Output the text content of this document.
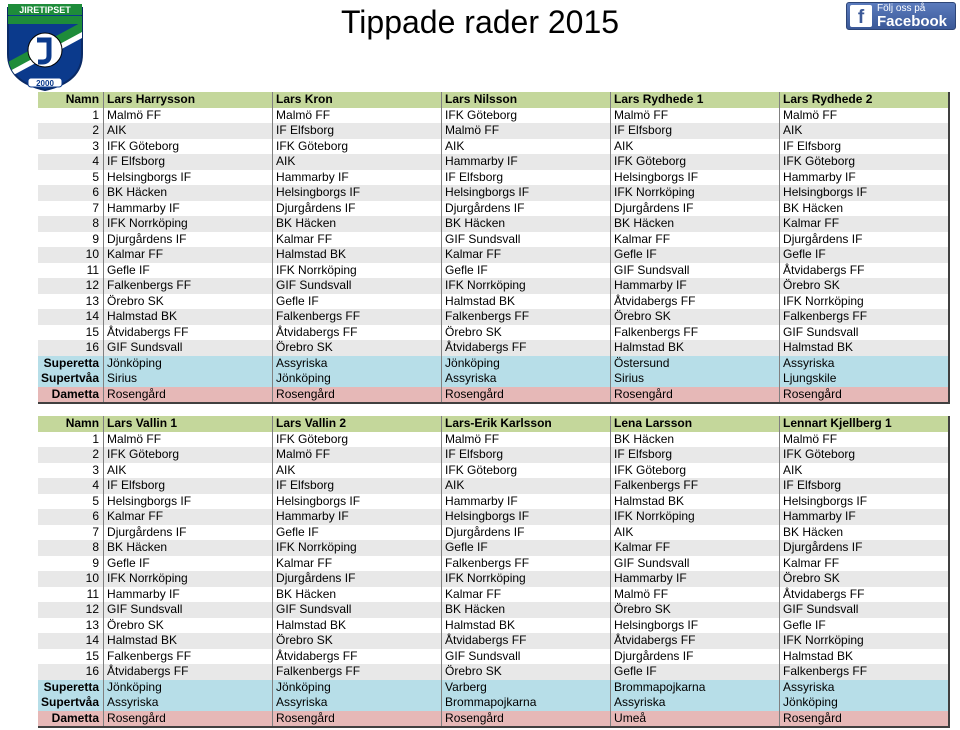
JIRETIPSET
2000
Tippade rader 2015	f	Följ oss på
Facebook
Namn	Lars Harrysson	Lars Kron	Lars Nilsson	Lars Rydhede 1	Lars Rydhede 2
1	Malmö FF	Malmö FF	IFK Göteborg	Malmö FF	Malmö FF
2	AIK	IF Elfsborg	Malmö FF	IF Elfsborg	AIK
3	IFK Göteborg	IFK Göteborg	AIK	AIK	IF Elfsborg
4	IF Elfsborg	AIK	Hammarby IF	IFK Göteborg	IFK Göteborg
5	Helsingborgs IF	Hammarby IF	IF Elfsborg	Helsingborgs IF	Hammarby IF
6	BK Häcken	Helsingborgs IF	Helsingborgs IF	IFK Norrköping	Helsingborgs IF
7	Hammarby IF	Djurgårdens IF	Djurgårdens IF	Djurgårdens IF	BK Häcken
8	IFK Norrköping	BK Häcken	BK Häcken	BK Häcken	Kalmar FF
9	Djurgårdens IF	Kalmar FF	GIF Sundsvall	Kalmar FF	Djurgårdens IF
10	Kalmar FF	Halmstad BK	Kalmar FF	Gefle IF	Gefle IF
11	Gefle IF	IFK Norrköping	Gefle IF	GIF Sundsvall	Åtvidabergs FF
12	Falkenbergs FF	GIF Sundsvall	IFK Norrköping	Hammarby IF	Örebro SK
13	Örebro SK	Gefle IF	Halmstad BK	Åtvidabergs FF	IFK Norrköping
14	Halmstad BK	Falkenbergs FF	Falkenbergs FF	Örebro SK	Falkenbergs FF
15	Åtvidabergs FF	Åtvidabergs FF	Örebro SK	Falkenbergs FF	GIF Sundsvall
16	GIF Sundsvall	Örebro SK	Åtvidabergs FF	Halmstad BK	Halmstad BK
Superetta	Jönköping	Assyriska	Jönköping	Östersund	Assyriska
Supertvåa	Sirius	Jönköping	Assyriska	Sirius	Ljungskile
Dametta	Rosengård	Rosengård	Rosengård	Rosengård	Rosengård
Namn	Lars Vallin 1	Lars Vallin 2	Lars-Erik Karlsson	Lena Larsson	Lennart Kjellberg 1
1	Malmö FF	IFK Göteborg	Malmö FF	BK Häcken	Malmö FF
2	IFK Göteborg	Malmö FF	IF Elfsborg	IF Elfsborg	IFK Göteborg
3	AIK	AIK	IFK Göteborg	IFK Göteborg	AIK
4	IF Elfsborg	IF Elfsborg	AIK	Falkenbergs FF	IF Elfsborg
5	Helsingborgs IF	Helsingborgs IF	Hammarby IF	Halmstad BK	Helsingborgs IF
6	Kalmar FF	Hammarby IF	Helsingborgs IF	IFK Norrköping	Hammarby IF
7	Djurgårdens IF	Gefle IF	Djurgårdens IF	AIK	BK Häcken
8	BK Häcken	IFK Norrköping	Gefle IF	Kalmar FF	Djurgårdens IF
9	Gefle IF	Kalmar FF	Falkenbergs FF	GIF Sundsvall	Kalmar FF
10	IFK Norrköping	Djurgårdens IF	IFK Norrköping	Hammarby IF	Örebro SK
11	Hammarby IF	BK Häcken	Kalmar FF	Malmö FF	Åtvidabergs FF
12	GIF Sundsvall	GIF Sundsvall	BK Häcken	Örebro SK	GIF Sundsvall
13	Örebro SK	Halmstad BK	Halmstad BK	Helsingborgs IF	Gefle IF
14	Halmstad BK	Örebro SK	Åtvidabergs FF	Åtvidabergs FF	IFK Norrköping
15	Falkenbergs FF	Åtvidabergs FF	GIF Sundsvall	Djurgårdens IF	Halmstad BK
16	Åtvidabergs FF	Falkenbergs FF	Örebro SK	Gefle IF	Falkenbergs FF
Superetta	Jönköping	Jönköping	Varberg	Brommapojkarna	Assyriska
Supertvåa	Assyriska	Assyriska	Brommapojkarna	Assyriska	Jönköping
Dametta	Rosengård	Rosengård	Rosengård	Umeå	Rosengård
